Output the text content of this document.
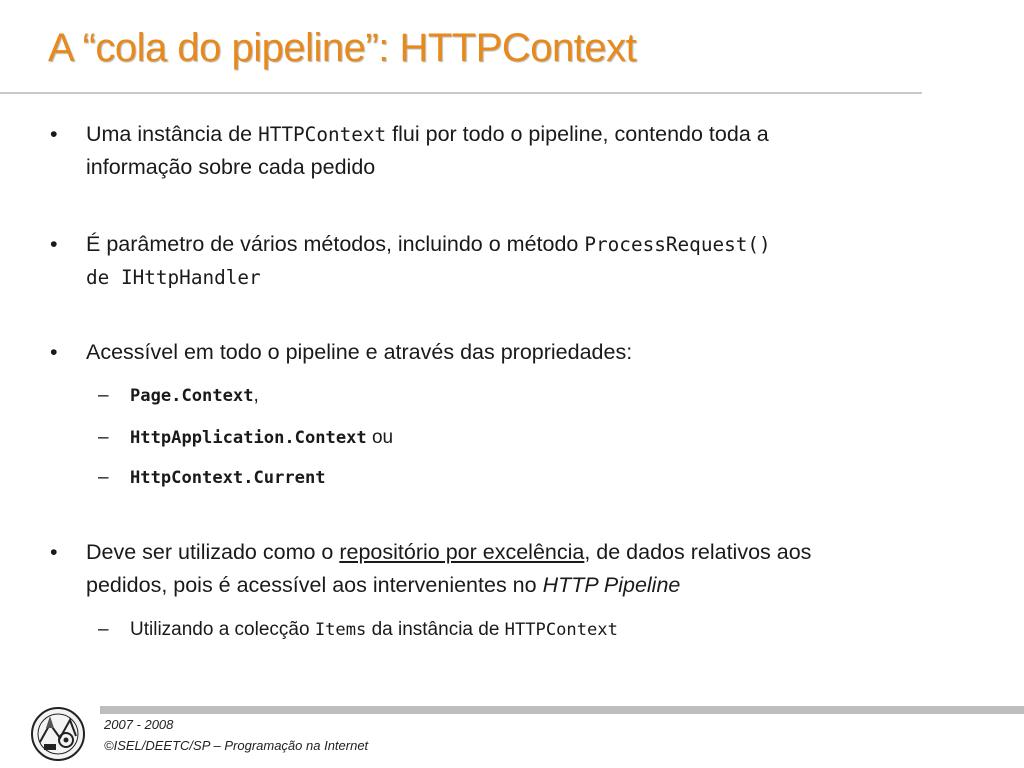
A “cola do pipeline”: HTTPContext
• Uma instância de HTTPContext flui por todo o pipeline, contendo toda a
informação sobre cada pedido
• É parâmetro de vários métodos, incluindo o método ProcessRequest()
de IHttpHandler
• Acessível em todo o pipeline e através das propriedades:
– Page.Context,
– HttpApplication.Context ou
– HttpContext.Current
• Deve ser utilizado como o repositório por excelência, de dados relativos aos
pedidos, pois é acessível aos intervenientes no HTTP Pipeline
– Utilizando a colecção Items da instância de HTTPContext
2007 - 2008
©ISEL/DEETC/SP – Programação na Internet
